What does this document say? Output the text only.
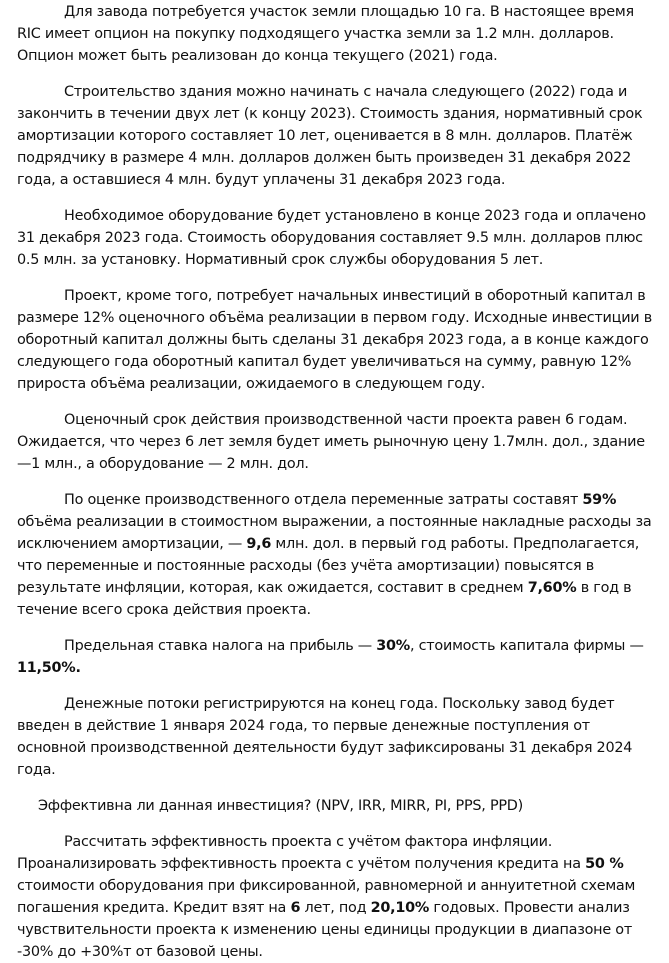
Для завода потребуется участок земли площадью 10 га. В настоящее время RIC имеет опцион на покупку подходящего участка земли за 1.2 млн. долларов. Опцион может быть реализован до конца текущего (2021) года.

Строительство здания можно начинать с начала следующего (2022) года и закончить в течении двух лет (к концу 2023). Стоимость здания, нормативный срок амортизации которого составляет 10 лет, оценивается в 8 млн. долларов. Платёж подрядчику в размере 4 млн. долларов должен быть произведен 31 декабря 2022 года, а оставшиеся 4 млн. будут уплачены 31 декабря 2023 года.

Необходимое оборудование будет установлено в конце 2023 года и оплачено 31 декабря 2023 года. Стоимость оборудования составляет 9.5 млн. долларов плюс 0.5 млн. за установку. Нормативный срок службы оборудования 5 лет.

Проект, кроме того, потребует начальных инвестиций в оборотный капитал в размере 12% оценочного объёма реализации в первом году. Исходные инвестиции в оборотный капитал должны быть сделаны 31 декабря 2023 года, а в конце каждого следующего года оборотный капитал будет увеличиваться на сумму, равную 12% прироста объёма реализации, ожидаемого в следующем году.

Оценочный срок действия производственной части проекта равен 6 годам. Ожидается, что через 6 лет земля будет иметь рыночную цену 1.7млн. дол., здание —1 млн., а оборудование — 2 млн. дол.

По оценке производственного отдела переменные затраты составят 59% объёма реализации в стоимостном выражении, а постоянные накладные расходы за исключением амортизации, — 9,6 млн. дол. в первый год работы. Предполагается, что переменные и постоянные расходы (без учёта амортизации) повысятся в результате инфляции, которая, как ожидается, составит в среднем 7,60% в год в течение всего срока действия проекта.

Предельная ставка налога на прибыль — 30%, стоимость капитала фирмы — 11,50%.

Денежные потоки регистрируются на конец года. Поскольку завод будет введен в действие 1 января 2024 года, то первые денежные поступления от основной производственной деятельности будут зафиксированы 31 декабря 2024 года.

Эффективна ли данная инвестиция? (NPV, IRR, MIRR, PI, PPS, PPD)

Рассчитать эффективность проекта с учётом фактора инфляции. Проанализировать эффективность проекта с учётом получения кредита на 50 % стоимости оборудования при фиксированной, равномерной и аннуитетной схемам погашения кредита. Кредит взят на 6 лет, под 20,10% годовых. Провести анализ чувствительности проекта к изменению цены единицы продукции в диапазоне от -30% до +30%т от базовой цены.
